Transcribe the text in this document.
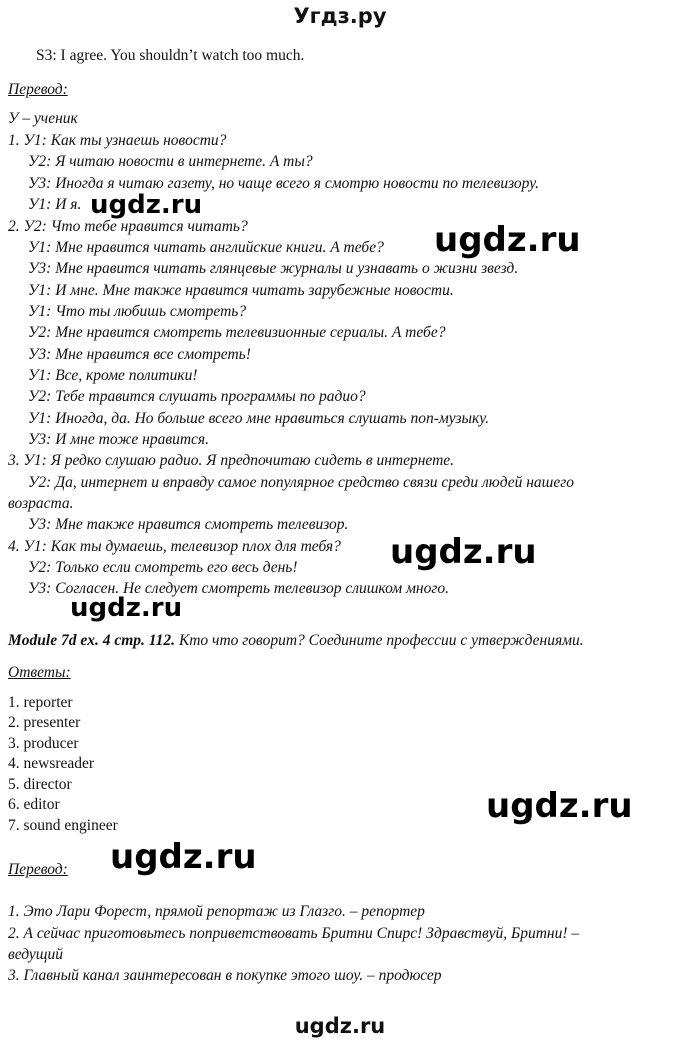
Угдз.ру
S3: I agree. You shouldn’t watch too much.
Перевод:
У – ученик
1. У1: Как ты узнаешь новости?
У2: Я читаю новости в интернете. А ты?
У3: Иногда я читаю газету, но чаще всего я смотрю новости по телевизору.
У1: И я.
2. У2: Что тебе нравится читать?
У1: Мне нравится читать английские книги. А тебе?
У3: Мне нравится читать глянцевые журналы и узнавать о жизни звезд.
У1: И мне. Мне также нравится читать зарубежные новости.
У1: Что ты любишь смотреть?
У2: Мне нравится смотреть телевизионные сериалы. А тебе?
У3: Мне нравится все смотреть!
У1: Все, кроме политики!
У2: Тебе травится слушать программы по радио?
У1: Иногда, да. Но больше всего мне нравиться слушать поп-музыку.
У3: И мне тоже нравится.
3. У1: Я редко слушаю радио. Я предпочитаю сидеть в интернете.
У2: Да, интернет и вправду самое популярное средство связи среди людей нашего
возраста.
У3: Мне также нравится смотреть телевизор.
4. У1: Как ты думаешь, телевизор плох для тебя?
У2: Только если смотреть его весь день!
У3: Согласен. Не следует смотреть телевизор слишком много.
Module 7d ex. 4 стр. 112. Кто что говорит? Соедините профессии с утверждениями.
Ответы:
1. reporter
2. presenter
3. producer
4. newsreader
5. director
6. editor
7. sound engineer
Перевод:
1. Это Лари Форест, прямой репортаж из Глазго. – репортер
2. А сейчас приготовьтесь поприветствовать Бритни Спирс! Здравствуй, Бритни! –
ведущий
3. Главный канал заинтересован в покупке этого шоу. – продюсер
ugdz.ru
ugdz.ru
ugdz.ru
ugdz.ru
ugdz.ru
ugdz.ru
ugdz.ru
